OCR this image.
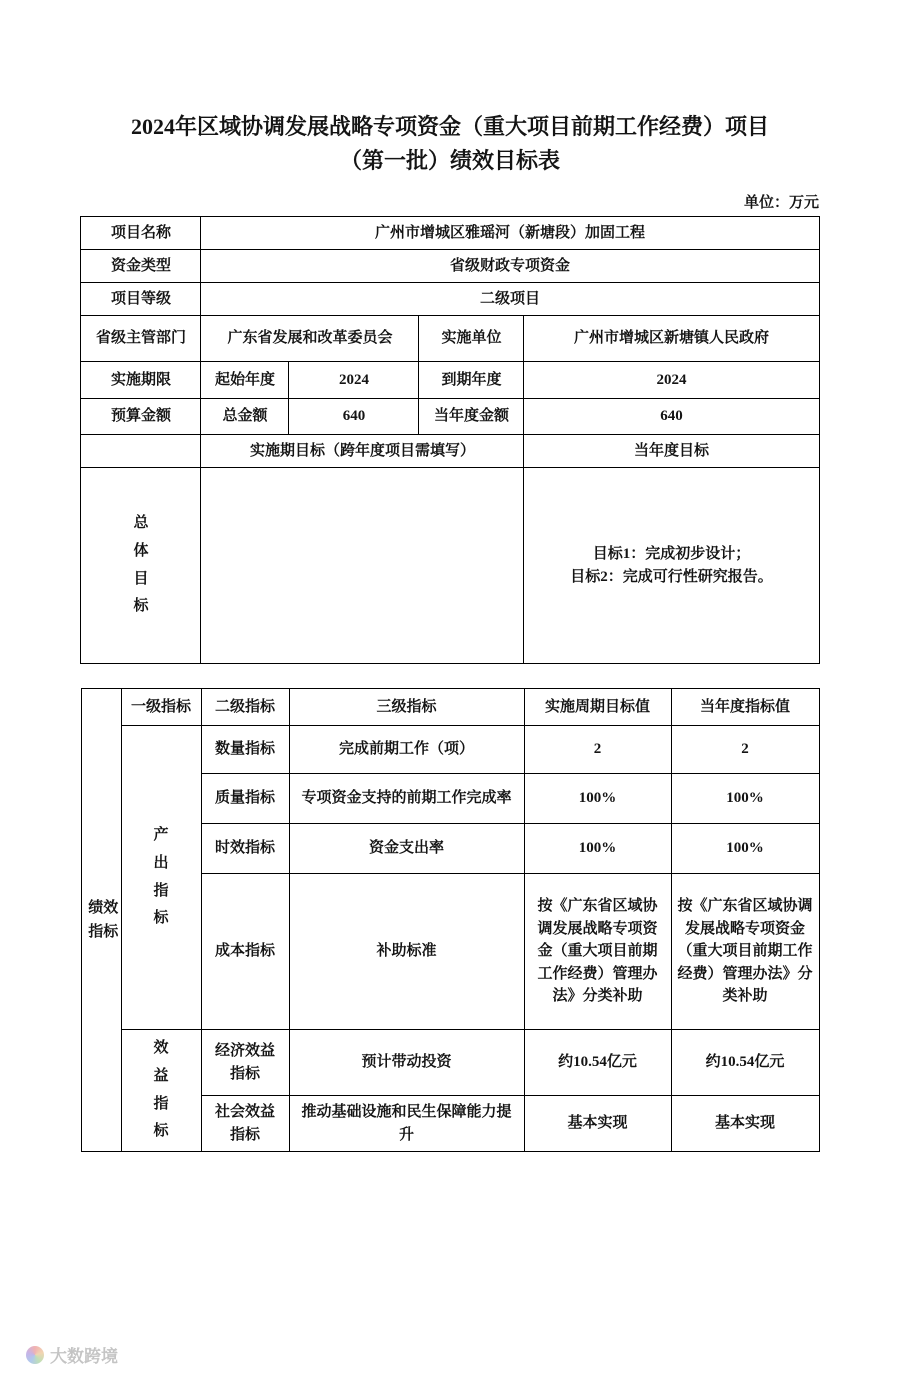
2024年区域协调发展战略专项资金（重大项目前期工作经费）项目
（第一批）绩效目标表
单位：万元
项目名称	广州市增城区雅瑶河（新塘段）加固工程			
资金类型	省级财政专项资金			
项目等级	二级项目			
省级主管部门	广东省发展和改革委员会		实施单位	广州市增城区新塘镇人民政府
实施期限	起始年度	2024	到期年度	2024
预算金额	总金额	640	当年度金额	640
	实施期目标（跨年度项目需填写）			当年度目标
总体目标				目标1：完成初步设计；
目标2：完成可行性研究报告。
绩效指标	一级指标	二级指标	三级指标	实施周期目标值	当年度指标值
	产出指标	数量指标	完成前期工作（项）	2	2
		质量指标	专项资金支持的前期工作完成率	100%	100%
		时效指标	资金支出率	100%	100%
		成本指标	补助标准	按《广东省区域协调发展战略专项资金（重大项目前期工作经费）管理办法》分类补助	按《广东省区域协调发展战略专项资金（重大项目前期工作经费）管理办法》分类补助
	效益指标	经济效益指标	预计带动投资	约10.54亿元	约10.54亿元
		社会效益指标	推动基础设施和民生保障能力提升	基本实现	基本实现
大数跨境
